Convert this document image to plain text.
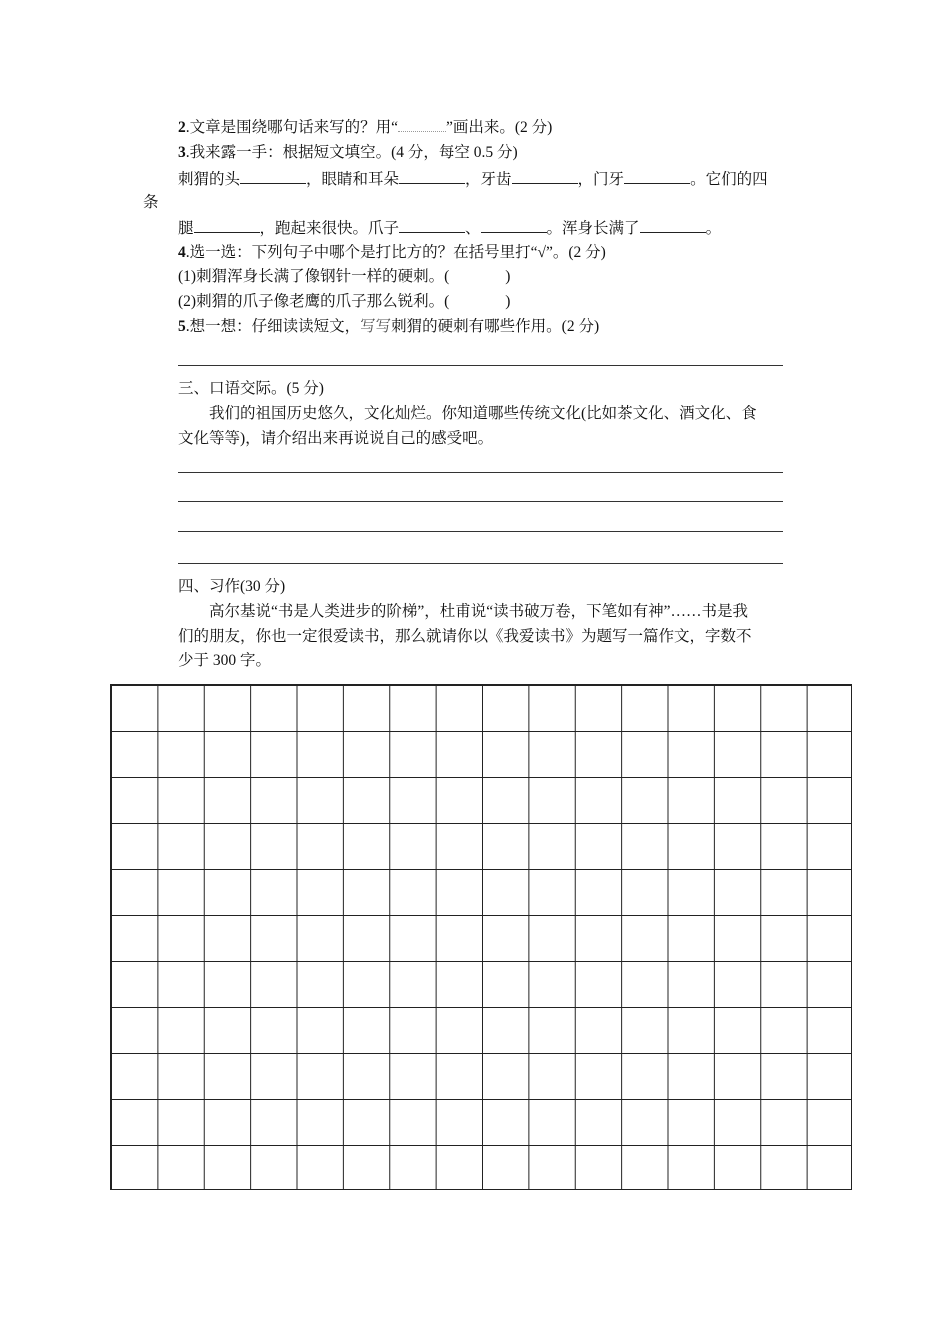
2.文章是围绕哪句话来写的？用“	”画出来。(2 分)
3.我来露一手：根据短文填空。(4 分，每空 0.5 分)
刺猬的头	，眼睛和耳朵	，牙齿	，门牙	。它们的四
条
腿	，跑起来很快。爪子	、	。浑身长满了	。
4.选一选：下列句子中哪个是打比方的？在括号里打“√”。(2 分)
(1)刺猬浑身长满了像钢针一样的硬刺。(	)
(2)刺猬的爪子像老鹰的爪子那么锐利。(	)
5.想一想：仔细读读短文，写写刺猬的硬刺有哪些作用。(2 分)
三、口语交际。(5 分)
我们的祖国历史悠久，文化灿烂。你知道哪些传统文化(比如茶文化、酒文化、食
文化等等)，请介绍出来再说说自己的感受吧。
四、习作(30 分)
高尔基说“书是人类进步的阶梯”，杜甫说“读书破万卷，下笔如有神”……书是我
们的朋友，你也一定很爱读书，那么就请你以《我爱读书》为题写一篇作文，字数不
少于 300 字。
